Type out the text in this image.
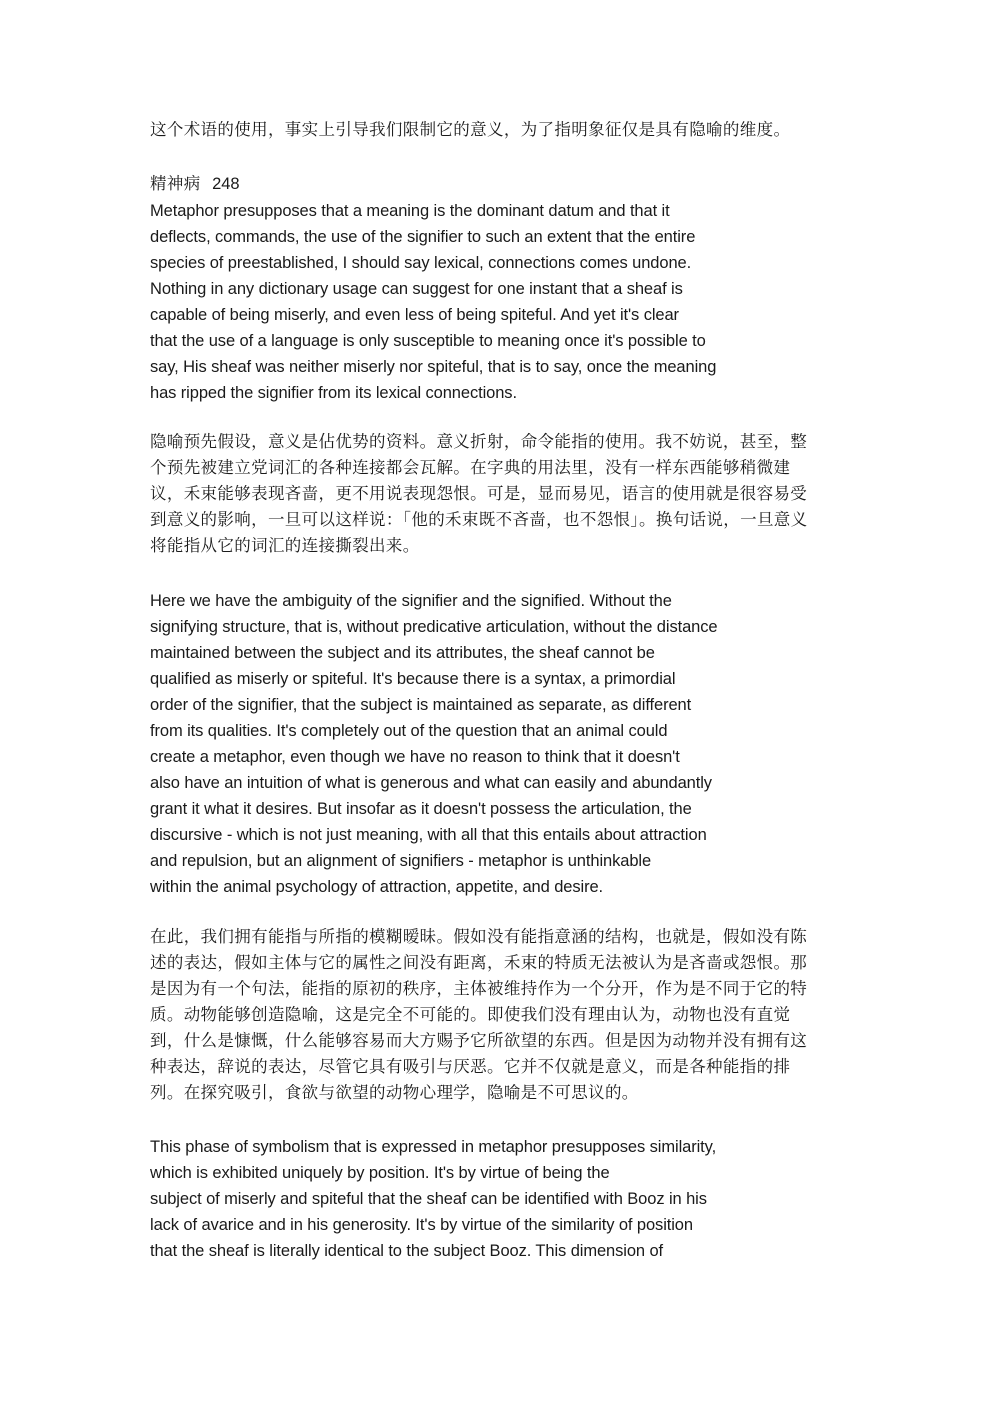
这个术语的使用，事实上引导我们限制它的意义，为了指明象征仅是具有隐喻的维度。
精神病 248
Metaphor presupposes that a meaning is the dominant datum and that it
deflects, commands, the use of the signifier to such an extent that the entire
species of preestablished, I should say lexical, connections comes undone.
Nothing in any dictionary usage can suggest for one instant that a sheaf is
capable of being miserly, and even less of being spiteful. And yet it's clear
that the use of a language is only susceptible to meaning once it's possible to
say, His sheaf was neither miserly nor spiteful, that is to say, once the meaning
has ripped the signifier from its lexical connections.
隐喻预先假设，意义是佔优势的资料。意义折射，命令能指的使用。我不妨说，甚至，整
个预先被建立党词汇的各种连接都会瓦解。在字典的用法里，没有一样东西能够稍微建
议，禾束能够表现吝啬，更不用说表现怨恨。可是，显而易见，语言的使用就是很容易受
到意义的影响，一旦可以这样说：「他的禾束既不吝啬，也不怨恨」。换句话说，一旦意义
将能指从它的词汇的连接撕裂出来。
Here we have the ambiguity of the signifier and the signified. Without the
signifying structure, that is, without predicative articulation, without the distance
maintained between the subject and its attributes, the sheaf cannot be
qualified as miserly or spiteful. It's because there is a syntax, a primordial
order of the signifier, that the subject is maintained as separate, as different
from its qualities. It's completely out of the question that an animal could
create a metaphor, even though we have no reason to think that it doesn't
also have an intuition of what is generous and what can easily and abundantly
grant it what it desires. But insofar as it doesn't possess the articulation, the
discursive - which is not just meaning, with all that this entails about attraction
and repulsion, but an alignment of signifiers - metaphor is unthinkable
within the animal psychology of attraction, appetite, and desire.
在此，我们拥有能指与所指的模糊暧昧。假如没有能指意涵的结构，也就是，假如没有陈
述的表达，假如主体与它的属性之间没有距离，禾束的特质无法被认为是吝啬或怨恨。那
是因为有一个句法，能指的原初的秩序，主体被维持作为一个分开，作为是不同于它的特
质。动物能够创造隐喻，这是完全不可能的。即使我们没有理由认为，动物也没有直觉
到，什么是慷慨，什么能够容易而大方赐予它所欲望的东西。但是因为动物并没有拥有这
种表达，辞说的表达，尽管它具有吸引与厌恶。它并不仅就是意义，而是各种能指的排
列。在探究吸引，食欲与欲望的动物心理学，隐喻是不可思议的。
This phase of symbolism that is expressed in metaphor presupposes similarity,
which is exhibited uniquely by position. It's by virtue of being the
subject of miserly and spiteful that the sheaf can be identified with Booz in his
lack of avarice and in his generosity. It's by virtue of the similarity of position
that the sheaf is literally identical to the subject Booz. This dimension of
